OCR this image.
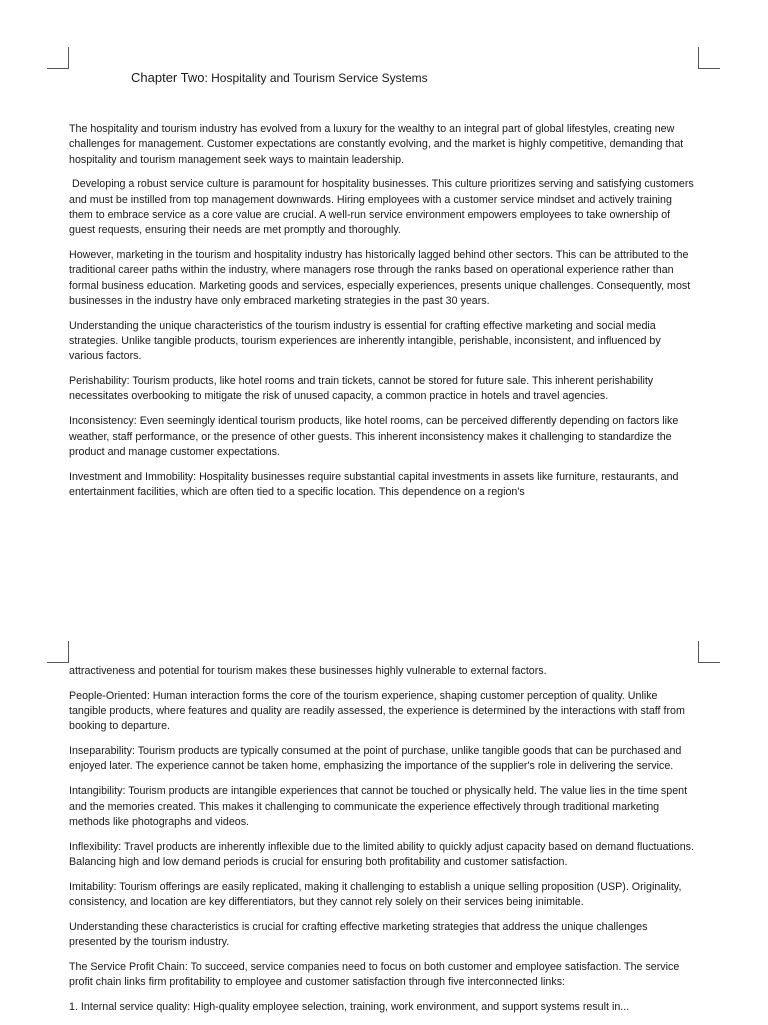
Chapter Two: Hospitality and Tourism Service Systems

The hospitality and tourism industry has evolved from a luxury for the wealthy to an integral part of global lifestyles, creating new challenges for management. Customer expectations are constantly evolving, and the market is highly competitive, demanding that hospitality and tourism management seek ways to maintain leadership.

Developing a robust service culture is paramount for hospitality businesses. This culture prioritizes serving and satisfying customers and must be instilled from top management downwards. Hiring employees with a customer service mindset and actively training them to embrace service as a core value are crucial. A well-run service environment empowers employees to take ownership of guest requests, ensuring their needs are met promptly and thoroughly.

However, marketing in the tourism and hospitality industry has historically lagged behind other sectors. This can be attributed to the traditional career paths within the industry, where managers rose through the ranks based on operational experience rather than formal business education. Marketing goods and services, especially experiences, presents unique challenges. Consequently, most businesses in the industry have only embraced marketing strategies in the past 30 years.

Understanding the unique characteristics of the tourism industry is essential for crafting effective marketing and social media strategies. Unlike tangible products, tourism experiences are inherently intangible, perishable, inconsistent, and influenced by various factors.

Perishability: Tourism products, like hotel rooms and train tickets, cannot be stored for future sale. This inherent perishability necessitates overbooking to mitigate the risk of unused capacity, a common practice in hotels and travel agencies.

Inconsistency: Even seemingly identical tourism products, like hotel rooms, can be perceived differently depending on factors like weather, staff performance, or the presence of other guests. This inherent inconsistency makes it challenging to standardize the product and manage customer expectations.

Investment and Immobility: Hospitality businesses require substantial capital investments in assets like furniture, restaurants, and entertainment facilities, which are often tied to a specific location. This dependence on a region's

attractiveness and potential for tourism makes these businesses highly vulnerable to external factors.

People-Oriented: Human interaction forms the core of the tourism experience, shaping customer perception of quality. Unlike tangible products, where features and quality are readily assessed, the experience is determined by the interactions with staff from booking to departure.

Inseparability: Tourism products are typically consumed at the point of purchase, unlike tangible goods that can be purchased and enjoyed later. The experience cannot be taken home, emphasizing the importance of the supplier's role in delivering the service.

Intangibility: Tourism products are intangible experiences that cannot be touched or physically held. The value lies in the time spent and the memories created. This makes it challenging to communicate the experience effectively through traditional marketing methods like photographs and videos.

Inflexibility: Travel products are inherently inflexible due to the limited ability to quickly adjust capacity based on demand fluctuations. Balancing high and low demand periods is crucial for ensuring both profitability and customer satisfaction.

Imitability: Tourism offerings are easily replicated, making it challenging to establish a unique selling proposition (USP). Originality, consistency, and location are key differentiators, but they cannot rely solely on their services being inimitable.

Understanding these characteristics is crucial for crafting effective marketing strategies that address the unique challenges presented by the tourism industry.

The Service Profit Chain: To succeed, service companies need to focus on both customer and employee satisfaction. The service profit chain links firm profitability to employee and customer satisfaction through five interconnected links:

1. Internal service quality: High-quality employee selection, training, work environment, and support systems result in...
